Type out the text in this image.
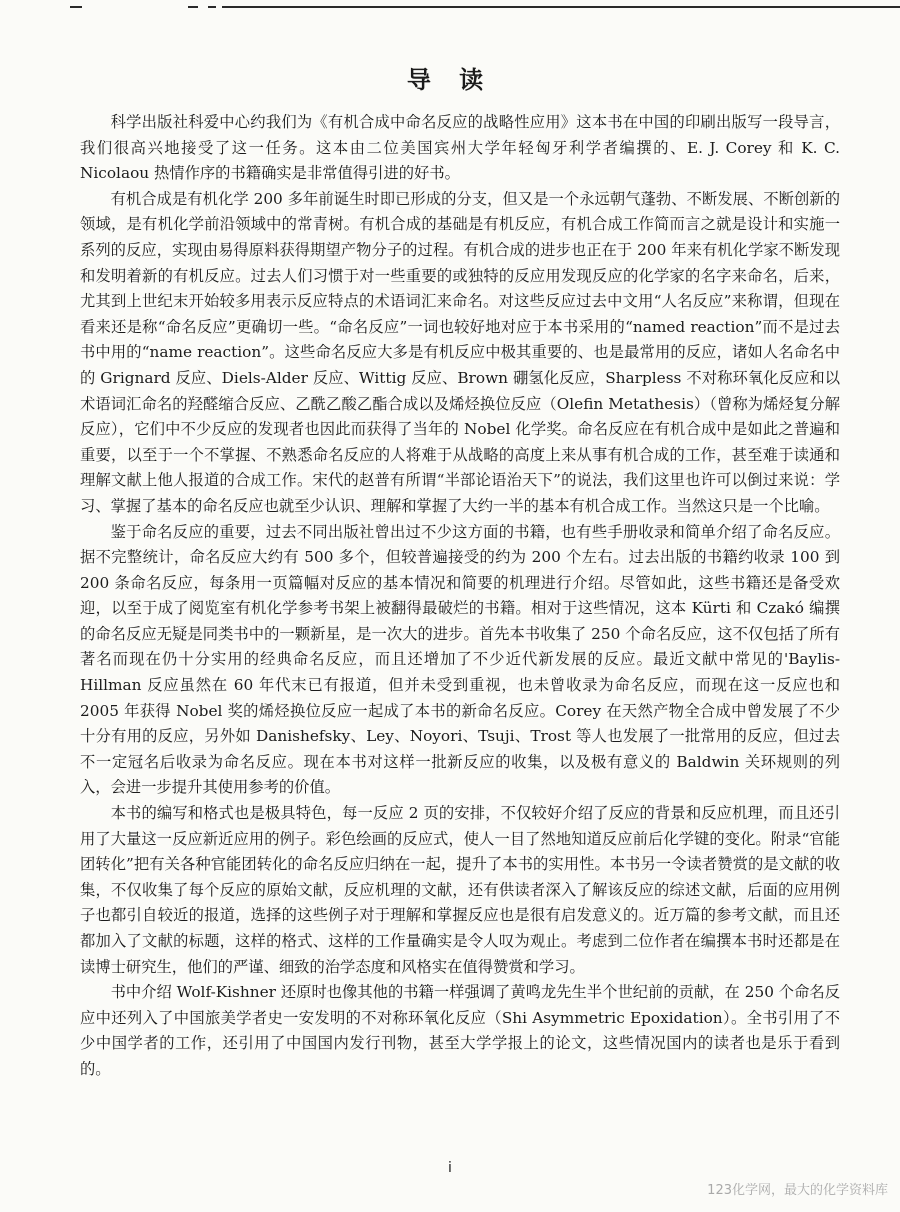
导 读

科学出版社科爱中心约我们为《有机合成中命名反应的战略性应用》这本书在中国的印刷出版写一段导言，我们很高兴地接受了这一任务。这本由二位美国宾州大学年轻匈牙利学者编撰的、E. J. Corey 和 K. C. Nicolaou 热情作序的书籍确实是非常值得引进的好书。

有机合成是有机化学 200 多年前诞生时即已形成的分支，但又是一个永远朝气蓬勃、不断发展、不断创新的领域，是有机化学前沿领域中的常青树。有机合成的基础是有机反应，有机合成工作简而言之就是设计和实施一系列的反应，实现由易得原料获得期望产物分子的过程。有机合成的进步也正在于 200 年来有机化学家不断发现和发明着新的有机反应。过去人们习惯于对一些重要的或独特的反应用发现反应的化学家的名字来命名，后来，尤其到上世纪末开始较多用表示反应特点的术语词汇来命名。对这些反应过去中文用“人名反应”来称谓，但现在看来还是称“命名反应”更确切一些。“命名反应”一词也较好地对应于本书采用的“named reaction”而不是过去书中用的“name reaction”。这些命名反应大多是有机反应中极其重要的、也是最常用的反应，诸如人名命名中的 Grignard 反应、Diels-Alder 反应、Wittig 反应、Brown 硼氢化反应，Sharpless 不对称环氧化反应和以术语词汇命名的羟醛缩合反应、乙酰乙酸乙酯合成以及烯烃换位反应（Olefin Metathesis）（曾称为烯烃复分解反应），它们中不少反应的发现者也因此而获得了当年的 Nobel 化学奖。命名反应在有机合成中是如此之普遍和重要，以至于一个不掌握、不熟悉命名反应的人将难于从战略的高度上来从事有机合成的工作，甚至难于读通和理解文献上他人报道的合成工作。宋代的赵普有所谓“半部论语治天下”的说法，我们这里也许可以倒过来说：学习、掌握了基本的命名反应也就至少认识、理解和掌握了大约一半的基本有机合成工作。当然这只是一个比喻。

鉴于命名反应的重要，过去不同出版社曾出过不少这方面的书籍，也有些手册收录和简单介绍了命名反应。据不完整统计，命名反应大约有 500 多个，但较普遍接受的约为 200 个左右。过去出版的书籍约收录 100 到 200 条命名反应，每条用一页篇幅对反应的基本情况和简要的机理进行介绍。尽管如此，这些书籍还是备受欢迎，以至于成了阅览室有机化学参考书架上被翻得最破烂的书籍。相对于这些情况，这本 Kürti 和 Czakó 编撰的命名反应无疑是同类书中的一颗新星，是一次大的进步。首先本书收集了 250 个命名反应，这不仅包括了所有著名而现在仍十分实用的经典命名反应，而且还增加了不少近代新发展的反应。最近文献中常见的'Baylis-Hillman 反应虽然在 60 年代末已有报道，但并未受到重视，也未曾收录为命名反应，而现在这一反应也和 2005 年获得 Nobel 奖的烯烃换位反应一起成了本书的新命名反应。Corey 在天然产物全合成中曾发展了不少十分有用的反应，另外如 Danishefsky、Ley、Noyori、Tsuji、Trost 等人也发展了一批常用的反应，但过去不一定冠名后收录为命名反应。现在本书对这样一批新反应的收集，以及极有意义的 Baldwin 关环规则的列入，会进一步提升其使用参考的价值。

本书的编写和格式也是极具特色，每一反应 2 页的安排，不仅较好介绍了反应的背景和反应机理，而且还引用了大量这一反应新近应用的例子。彩色绘画的反应式，使人一目了然地知道反应前后化学键的变化。附录“官能团转化”把有关各种官能团转化的命名反应归纳在一起，提升了本书的实用性。本书另一令读者赞赏的是文献的收集，不仅收集了每个反应的原始文献，反应机理的文献，还有供读者深入了解该反应的综述文献，后面的应用例子也都引自较近的报道，选择的这些例子对于理解和掌握反应也是很有启发意义的。近万篇的参考文献，而且还都加入了文献的标题，这样的格式、这样的工作量确实是令人叹为观止。考虑到二位作者在编撰本书时还都是在读博士研究生，他们的严谨、细致的治学态度和风格实在值得赞赏和学习。

书中介绍 Wolf-Kishner 还原时也像其他的书籍一样强调了黄鸣龙先生半个世纪前的贡献，在 250 个命名反应中还列入了中国旅美学者史一安发明的不对称环氧化反应（Shi Asymmetric Epoxidation）。全书引用了不少中国学者的工作，还引用了中国国内发行刊物，甚至大学学报上的论文，这些情况国内的读者也是乐于看到的。

i
123化学网，最大的化学资料库
